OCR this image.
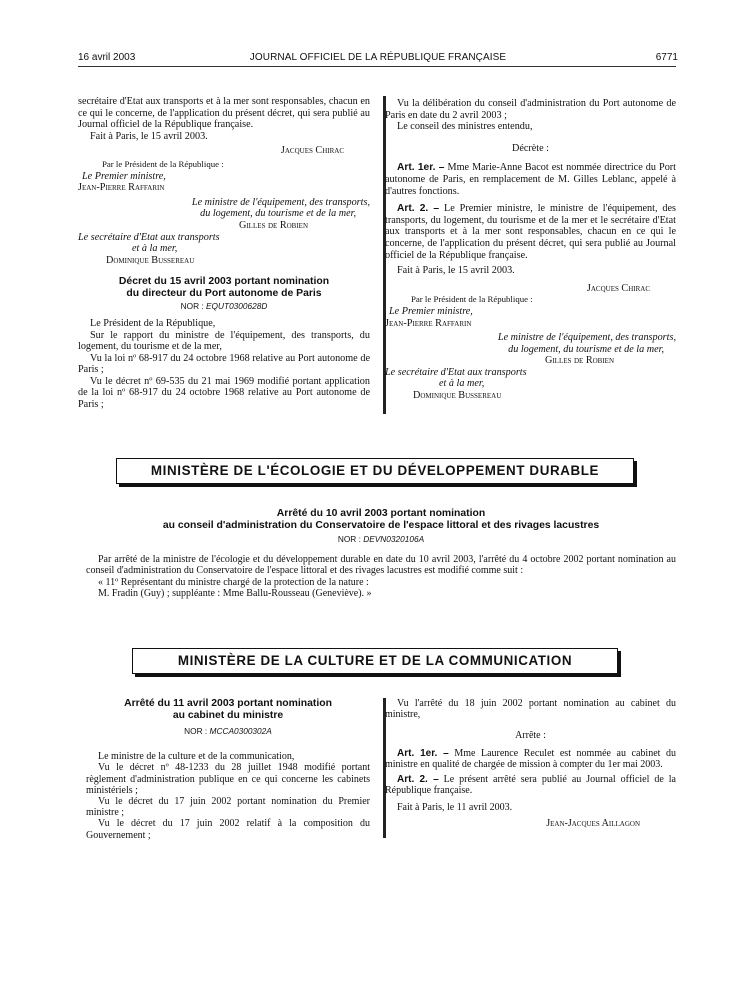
16 avril 2003	JOURNAL OFFICIEL DE LA RÉPUBLIQUE FRANÇAISE	6771

secrétaire d'Etat aux transports et à la mer sont responsables, chacun en ce qui le concerne, de l'application du présent décret, qui sera publié au Journal officiel de la République française.

Fait à Paris, le 15 avril 2003.

Jacques Chirac

Par le Président de la République :

Le Premier ministre,

Jean-Pierre Raffarin

Le ministre de l'équipement, des transports,

du logement, du tourisme et de la mer,

Gilles de Robien

Le secrétaire d'Etat aux transports

et à la mer,

Dominique Bussereau

Décret du 15 avril 2003 portant nomination
du directeur du Port autonome de Paris
NOR : EQUT0300628D

Le Président de la République,

Sur le rapport du ministre de l'équipement, des transports, du logement, du tourisme et de la mer,

Vu la loi nº 68-917 du 24 octobre 1968 relative au Port autonome de Paris ;

Vu le décret nº 69-535 du 21 mai 1969 modifié portant application de la loi nº 68-917 du 24 octobre 1968 relative au Port autonome de Paris ;

Vu la délibération du conseil d'administration du Port autonome de Paris en date du 2 avril 2003 ;

Le conseil des ministres entendu,

Décrète :

Art. 1er. – Mme Marie-Anne Bacot est nommée directrice du Port autonome de Paris, en remplacement de M. Gilles Leblanc, appelé à d'autres fonctions.

Art. 2. – Le Premier ministre, le ministre de l'équipement, des transports, du logement, du tourisme et de la mer et le secrétaire d'Etat aux transports et à la mer sont responsables, chacun en ce qui le concerne, de l'application du présent décret, qui sera publié au Journal officiel de la République française.

Fait à Paris, le 15 avril 2003.

Jacques Chirac

Par le Président de la République :

Le Premier ministre,

Jean-Pierre Raffarin

Le ministre de l'équipement, des transports,

du logement, du tourisme et de la mer,

Gilles de Robien

Le secrétaire d'Etat aux transports

et à la mer,

Dominique Bussereau

MINISTÈRE DE L'ÉCOLOGIE ET DU DÉVELOPPEMENT DURABLE
Arrêté du 10 avril 2003 portant nomination
au conseil d'administration du Conservatoire de l'espace littoral et des rivages lacustres
NOR : DEVN0320106A

Par arrêté de la ministre de l'écologie et du développement durable en date du 10 avril 2003, l'arrêté du 4 octobre 2002 portant nomination au conseil d'administration du Conservatoire de l'espace littoral et des rivages lacustres est modifié comme suit :

« 11º Représentant du ministre chargé de la protection de la nature :

M. Fradin (Guy) ; suppléante : Mme Ballu-Rousseau (Geneviève). »

MINISTÈRE DE LA CULTURE ET DE LA COMMUNICATION
Arrêté du 11 avril 2003 portant nomination
au cabinet du ministre
NOR : MCCA0300302A

Le ministre de la culture et de la communication,

Vu le décret nº 48-1233 du 28 juillet 1948 modifié portant règlement d'administration publique en ce qui concerne les cabinets ministériels ;

Vu le décret du 17 juin 2002 portant nomination du Premier ministre ;

Vu le décret du 17 juin 2002 relatif à la composition du Gouvernement ;

Vu l'arrêté du 18 juin 2002 portant nomination au cabinet du ministre,

Arrête :

Art. 1er. – Mme Laurence Reculet est nommée au cabinet du ministre en qualité de chargée de mission à compter du 1er mai 2003.

Art. 2. – Le présent arrêté sera publié au Journal officiel de la République française.

Fait à Paris, le 11 avril 2003.

Jean-Jacques Aillagon
